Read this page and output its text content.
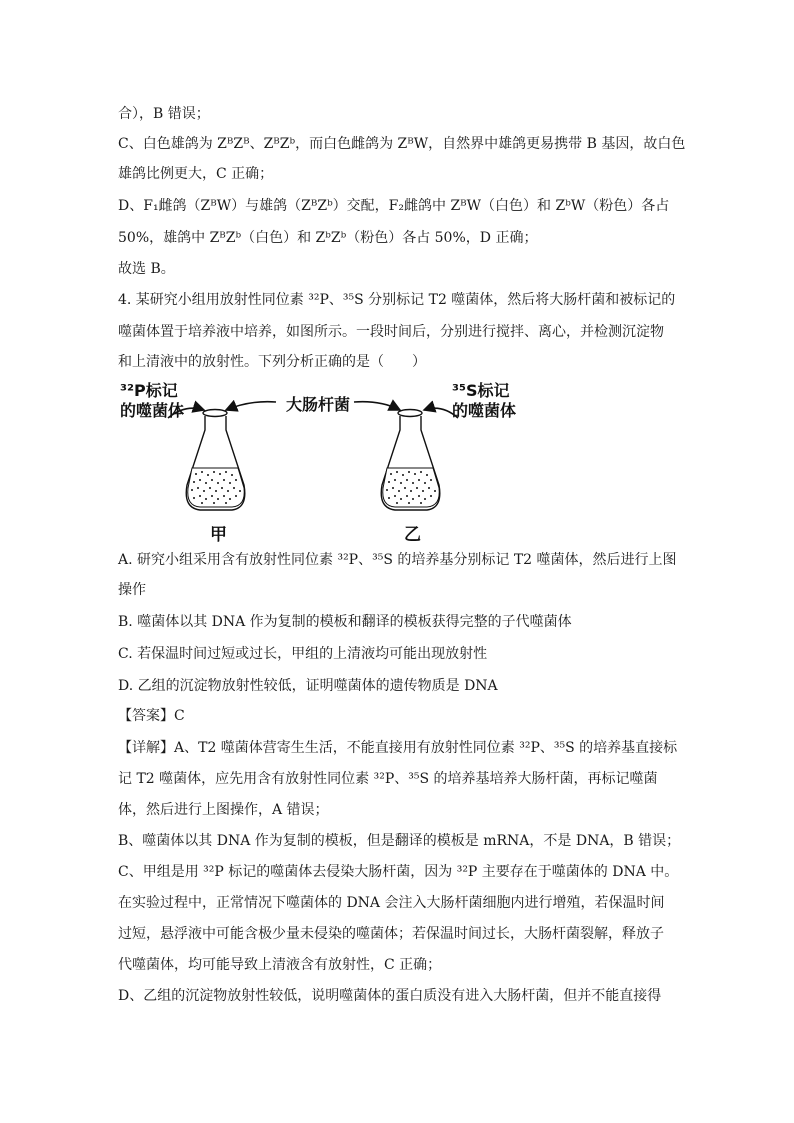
合），B 错误；
C、白色雄鸽为 ZᴮZᴮ、ZᴮZᵇ，而白色雌鸽为 ZᴮW，自然界中雄鸽更易携带 B 基因，故白色
雄鸽比例更大，C 正确；
D、F₁雌鸽（ZᴮW）与雄鸽（ZᴮZᵇ）交配，F₂雌鸽中 ZᴮW（白色）和 ZᵇW（粉色）各占
50%，雄鸽中 ZᴮZᵇ（白色）和 ZᵇZᵇ（粉色）各占 50%，D 正确；
故选 B。
4. 某研究小组用放射性同位素 ³²P、³⁵S 分别标记 T2 噬菌体，然后将大肠杆菌和被标记的
噬菌体置于培养液中培养，如图所示。一段时间后，分别进行搅拌、离心，并检测沉淀物
和上清液中的放射性。下列分析正确的是（　　）
³²P标记
的噬菌体	大肠杆菌
³⁵S标记
的噬菌体
甲	乙
A. 研究小组采用含有放射性同位素 ³²P、³⁵S 的培养基分别标记 T2 噬菌体，然后进行上图
操作
B. 噬菌体以其 DNA 作为复制的模板和翻译的模板获得完整的子代噬菌体
C. 若保温时间过短或过长，甲组的上清液均可能出现放射性
D. 乙组的沉淀物放射性较低，证明噬菌体的遗传物质是 DNA
【答案】C
【详解】A、T2 噬菌体营寄生生活，不能直接用有放射性同位素 ³²P、³⁵S 的培养基直接标
记 T2 噬菌体，应先用含有放射性同位素 ³²P、³⁵S 的培养基培养大肠杆菌，再标记噬菌
体，然后进行上图操作，A 错误；
B、噬菌体以其 DNA 作为复制的模板，但是翻译的模板是 mRNA，不是 DNA，B 错误；
C、甲组是用 ³²P 标记的噬菌体去侵染大肠杆菌，因为 ³²P 主要存在于噬菌体的 DNA 中。
在实验过程中，正常情况下噬菌体的 DNA 会注入大肠杆菌细胞内进行增殖，若保温时间
过短，悬浮液中可能含极少量未侵染的噬菌体；若保温时间过长，大肠杆菌裂解，释放子
代噬菌体，均可能导致上清液含有放射性，C 正确；
D、乙组的沉淀物放射性较低，说明噬菌体的蛋白质没有进入大肠杆菌，但并不能直接得
